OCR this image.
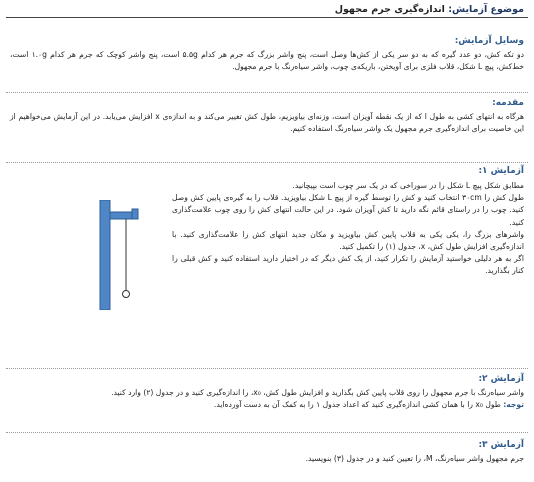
موضوع آزمایش: اندازه‌گیری جرم مجهول
وسایل آزمایش:

دو تکه کش، دو عدد گیره که به دو سر یکی از کش‌ها وصل است، پنج واشر بزرگ که جرم هر کدام ۵.۵g است، پنج واشر کوچک که جرم هر کدام ۱.۰g است، خط‌کش، پیچ L شکل، قلاب فلزی برای آویختن، باریکه‌ی چوب، واشر سیاه‌رنگ با جرم مجهول.

مقدمه:

هرگاه به انتهای کشی به طول l که از یک نقطه آویزان است، وزنه‌ای بیاویزیم، طول کش تغییر می‌کند و به اندازه‌ی x افزایش می‌یابد. در این آزمایش می‌خواهیم از این خاصیت برای اندازه‌گیری جرم مجهول یک واشر سیاه‌رنگ استفاده کنیم.

آزمایش ۱:

مطابق شکل پیچ L شکل را در سوراخی که در یک سر چوب است بپیچانید.

طول کش را ۳۰cm انتخاب کنید و کش را توسط گیره از پیچ L شکل بیاویزید. قلاب را به گیره‌ی پایین کش وصل کنید. چوب را در راستای قائم نگه دارید تا کش آویزان شود. در این حالت انتهای کش را روی چوب علامت‌گذاری کنید.

واشرهای بزرگ را، یکی یکی به قلاب پایین کش بیاویزید و مکان جدید انتهای کش را علامت‌گذاری کنید. با اندازه‌گیری افزایش طول کش، x، جدول (۱) را تکمیل کنید.

اگر به هر دلیلی خواستید آزمایش را تکرار کنید، از یک کش دیگر که در اختیار دارید استفاده کنید و کش قبلی را کنار بگذارید.

آزمایش ۲:

واشر سیاه‌رنگ با جرم مجهول را روی قلاب پایین کش بگذارید و افزایش طول کش، x₀، را اندازه‌گیری کنید و در جدول (۲) وارد کنید.

توجه: طول x₀ را با همان کشی اندازه‌گیری کنید که اعداد جدول ۱ را به کمک آن به دست آورده‌اید.

آزمایش ۳:

جرم مجهول واشر سیاه‌رنگ، M، را تعیین کنید و در جدول (۳) بنویسید.
